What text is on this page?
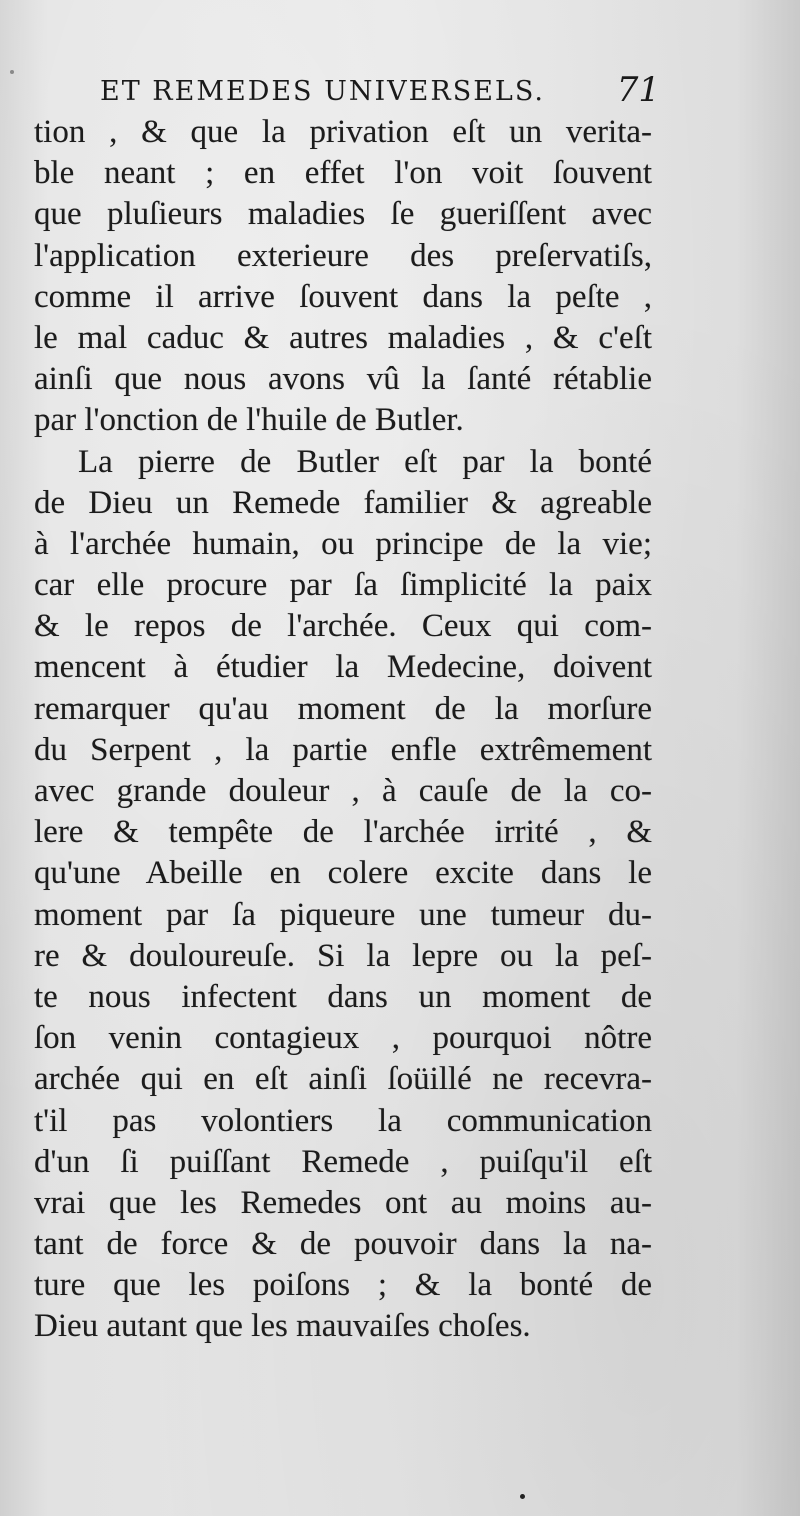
ET REMEDES UNIVERSELS. 71
tion , & que la privation eſt un verita-
ble neant ; en effet l'on voit ſouvent
que pluſieurs maladies ſe gueriſſent avec
l'application exterieure des preſervatiſs,
comme il arrive ſouvent dans la peſte ,
le mal caduc & autres maladies , & c'eſt
ainſi que nous avons vû la ſanté rétablie
par l'onction de l'huile de Butler.
La pierre de Butler eſt par la bonté
de Dieu un Remede familier & agreable
à l'archée humain, ou principe de la vie;
car elle procure par ſa ſimplicité la paix
& le repos de l'archée. Ceux qui com-
mencent à étudier la Medecine, doivent
remarquer qu'au moment de la morſure
du Serpent , la partie enfle extrêmement
avec grande douleur , à cauſe de la co-
lere & tempête de l'archée irrité , &
qu'une Abeille en colere excite dans le
moment par ſa piqueure une tumeur du-
re & douloureuſe. Si la lepre ou la peſ-
te nous infectent dans un moment de
ſon venin contagieux , pourquoi nôtre
archée qui en eſt ainſi ſoüillé ne recevra-
t'il pas volontiers la communication
d'un ſi puiſſant Remede , puiſqu'il eſt
vrai que les Remedes ont au moins au-
tant de force & de pouvoir dans la na-
ture que les poiſons ; & la bonté de
Dieu autant que les mauvaiſes choſes.
